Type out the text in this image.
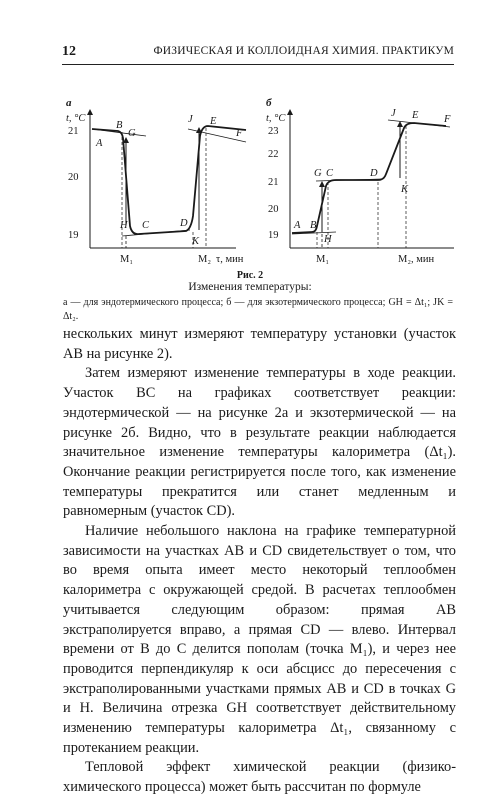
12	ФИЗИЧЕСКАЯ И КОЛЛОИДНАЯ ХИМИЯ. ПРАКТИКУМ
а
t, °C
21
20
19
A
B
G
H C	D
J E
K
F
M₁	M₂ τ, мин
б
t, °C
23
22
21
20
19
A B
H
G C	D
J E
K
F
M₁	M₂, мин
Рис. 2
Изменения температуры:
а — для эндотермического процесса; б — для экзотермического процесса; GH = Δt₁; JK = Δt₂.
нескольких минут измеряют температуру установки (участок AB на рисунке 2).
Затем измеряют изменение температуры в ходе реакции. Участок BC на графиках соответствует реакции: эндотермической — на рисунке 2а и экзотермической — на рисунке 2б. Видно, что в результате реакции наблюдается значительное изменение температуры калориметра (Δt₁). Окончание реакции регистрируется после того, как изменение температуры прекратится или станет медленным и равномерным (участок CD).
Наличие небольшого наклона на графике температурной зависимости на участках AB и CD свидетельствует о том, что во время опыта имеет место некоторый теплообмен калориметра с окружающей средой. В расчетах теплообмен учитывается следующим образом: прямая AB экстраполируется вправо, а прямая CD — влево. Интервал времени от B до C делится пополам (точка M₁), и через нее проводится перпендикуляр к оси абсцисс до пересечения с экстраполированными участками прямых AB и CD в точках G и H. Величина отрезка GH соответствует действительному изменению температуры калориметра Δt₁, связанному с протеканием реакции.
Тепловой эффект химической реакции (физико-химического процесса) может быть рассчитан по формуле
